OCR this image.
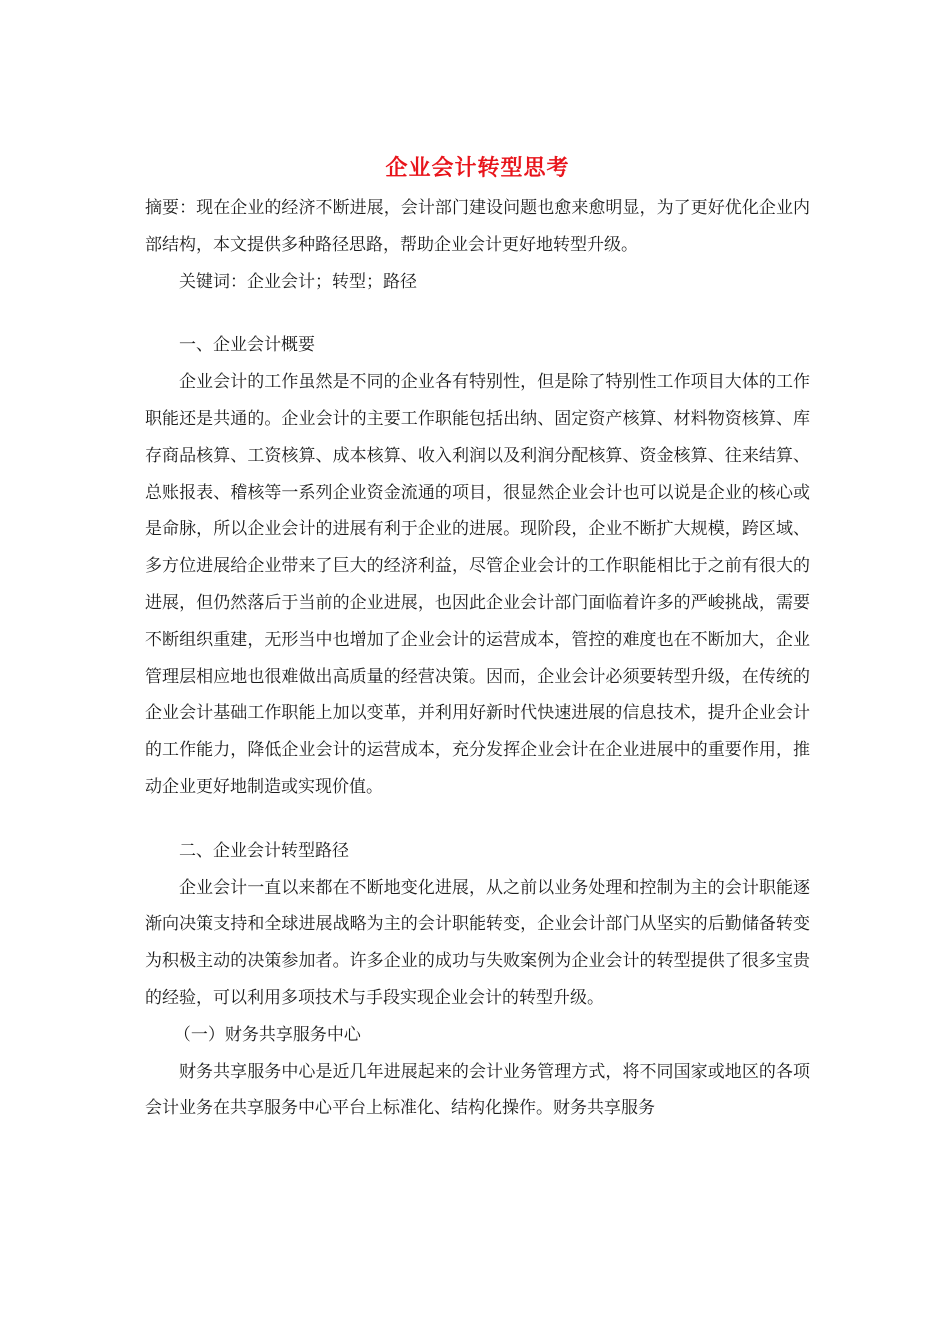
企业会计转型思考

摘要：现在企业的经济不断进展，会计部门建设问题也愈来愈明显，为了更好优化企业内部结构，本文提供多种路径思路，帮助企业会计更好地转型升级。

关键词：企业会计；转型；路径

一、企业会计概要

企业会计的工作虽然是不同的企业各有特别性，但是除了特别性工作项目大体的工作职能还是共通的。企业会计的主要工作职能包括出纳、固定资产核算、材料物资核算、库存商品核算、工资核算、成本核算、收入利润以及利润分配核算、资金核算、往来结算、总账报表、稽核等一系列企业资金流通的项目，很显然企业会计也可以说是企业的核心或是命脉，所以企业会计的进展有利于企业的进展。现阶段，企业不断扩大规模，跨区域、多方位进展给企业带来了巨大的经济利益，尽管企业会计的工作职能相比于之前有很大的进展，但仍然落后于当前的企业进展，也因此企业会计部门面临着许多的严峻挑战，需要不断组织重建，无形当中也增加了企业会计的运营成本，管控的难度也在不断加大，企业管理层相应地也很难做出高质量的经营决策。因而，企业会计必须要转型升级，在传统的企业会计基础工作职能上加以变革，并利用好新时代快速进展的信息技术，提升企业会计的工作能力，降低企业会计的运营成本，充分发挥企业会计在企业进展中的重要作用，推动企业更好地制造或实现价值。

二、企业会计转型路径

企业会计一直以来都在不断地变化进展，从之前以业务处理和控制为主的会计职能逐渐向决策支持和全球进展战略为主的会计职能转变，企业会计部门从坚实的后勤储备转变为积极主动的决策参加者。许多企业的成功与失败案例为企业会计的转型提供了很多宝贵的经验，可以利用多项技术与手段实现企业会计的转型升级。

（一）财务共享服务中心

财务共享服务中心是近几年进展起来的会计业务管理方式，将不同国家或地区的各项会计业务在共享服务中心平台上标准化、结构化操作。财务共享服务
